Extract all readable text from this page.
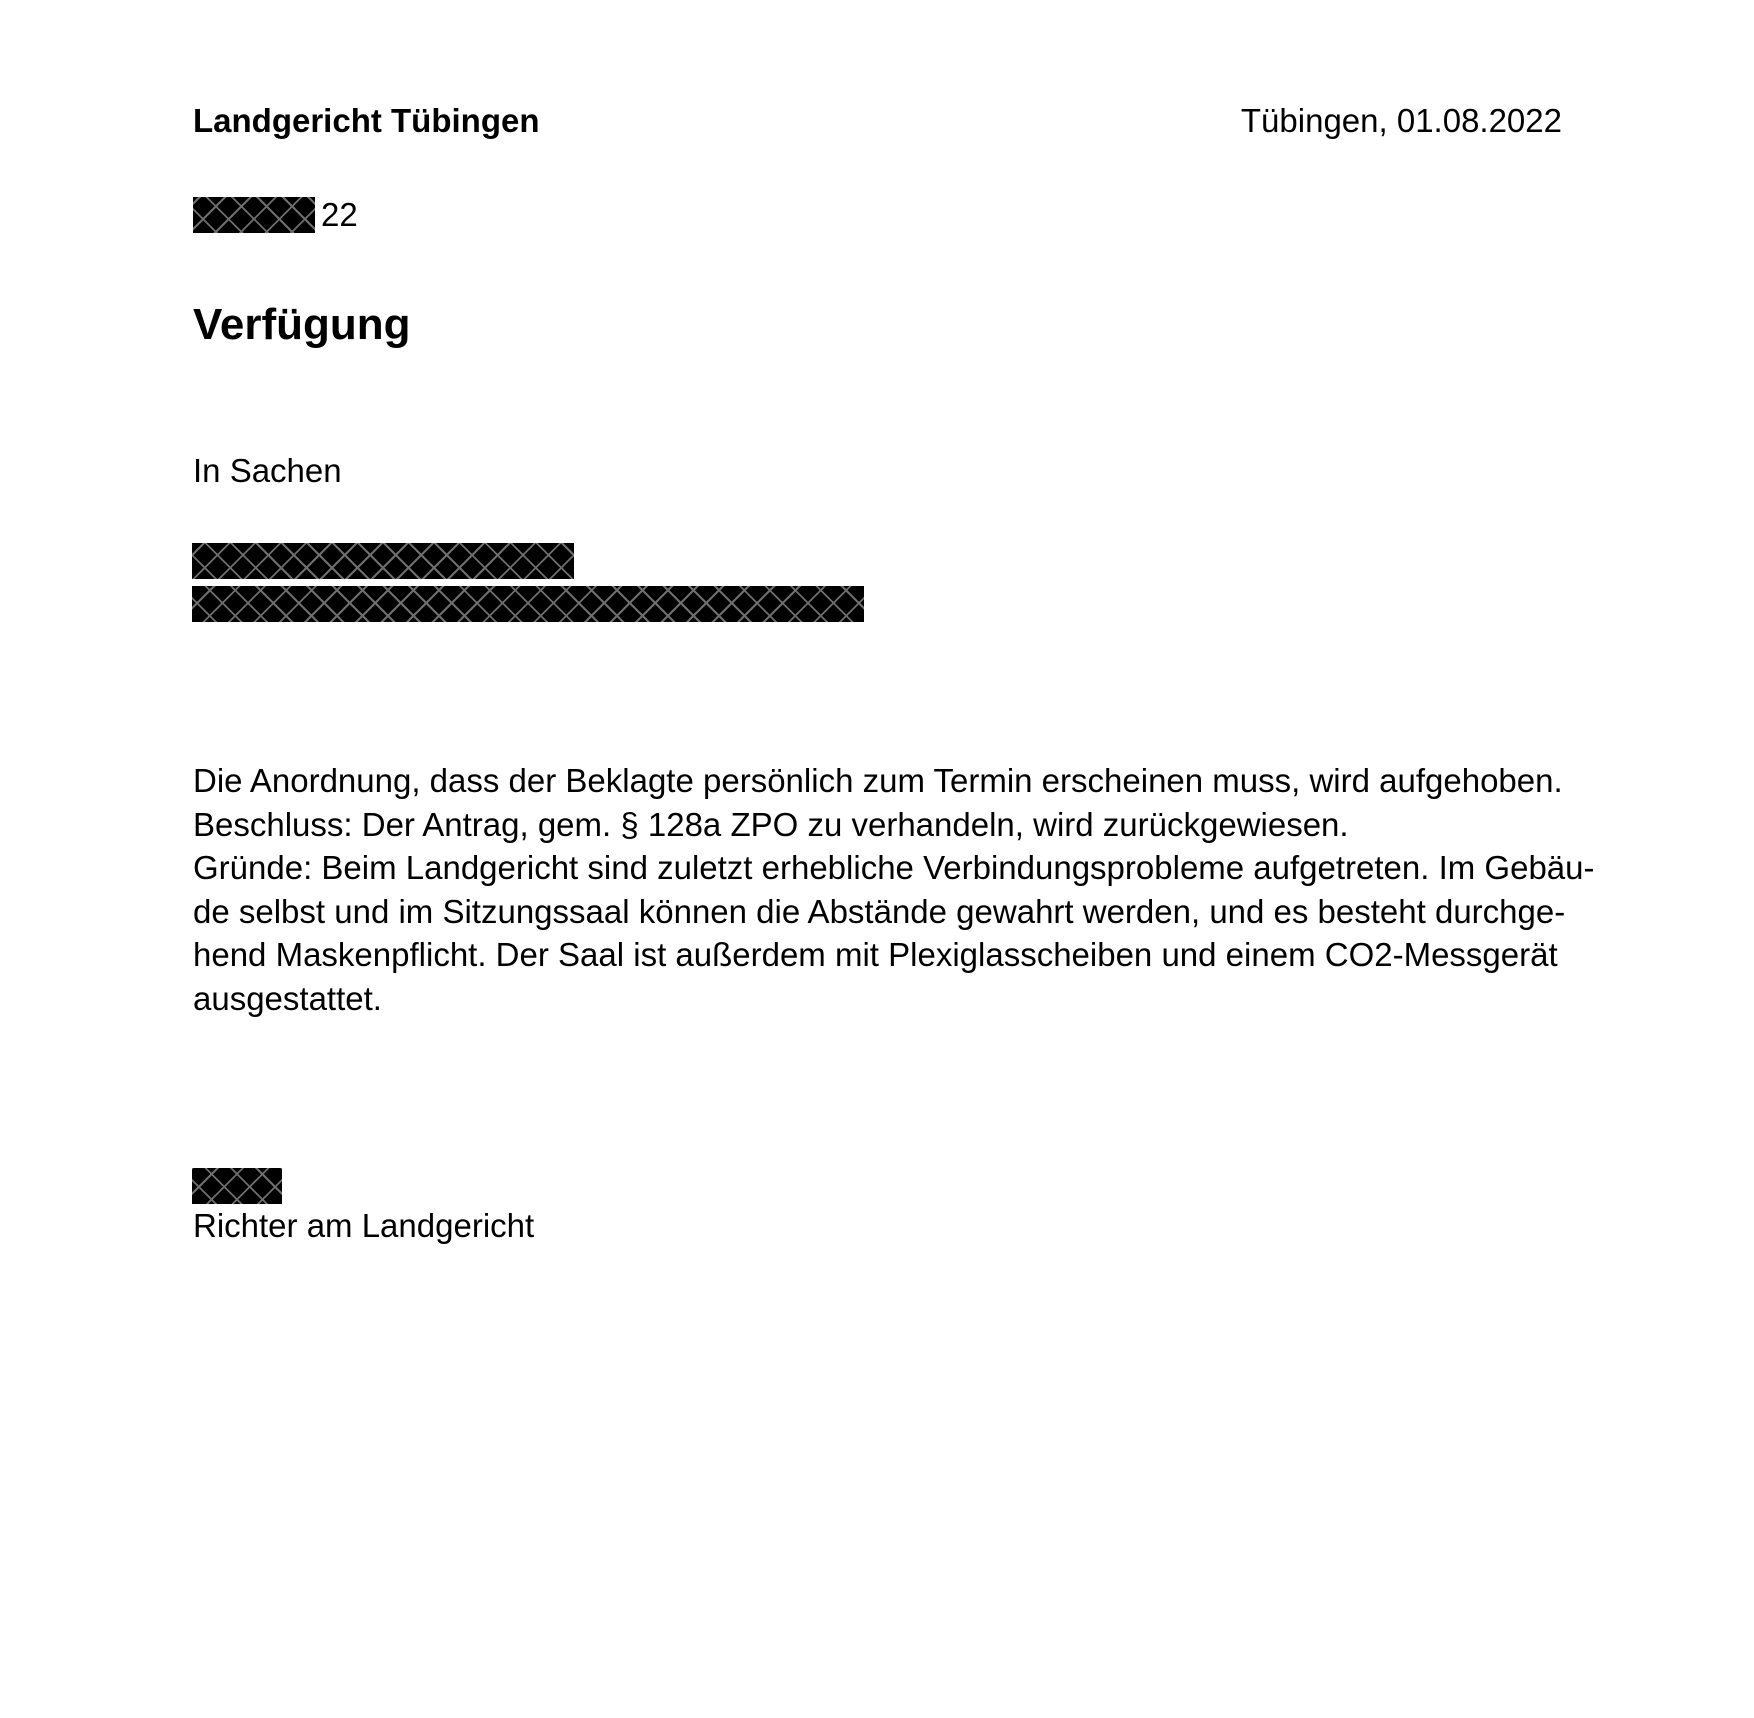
Landgericht Tübingen	Tübingen, 01.08.2022
22
Verfügung
In Sachen
Die Anordnung, dass der Beklagte persönlich zum Termin erscheinen muss, wird aufgehoben.
Beschluss: Der Antrag, gem. § 128a ZPO zu verhandeln, wird zurückgewiesen.
Gründe: Beim Landgericht sind zuletzt erhebliche Verbindungsprobleme aufgetreten. Im Gebäu-
de selbst und im Sitzungssaal können die Abstände gewahrt werden, und es besteht durchge-
hend Maskenpflicht. Der Saal ist außerdem mit Plexiglasscheiben und einem CO2-Messgerät
ausgestattet.
Richter am Landgericht
